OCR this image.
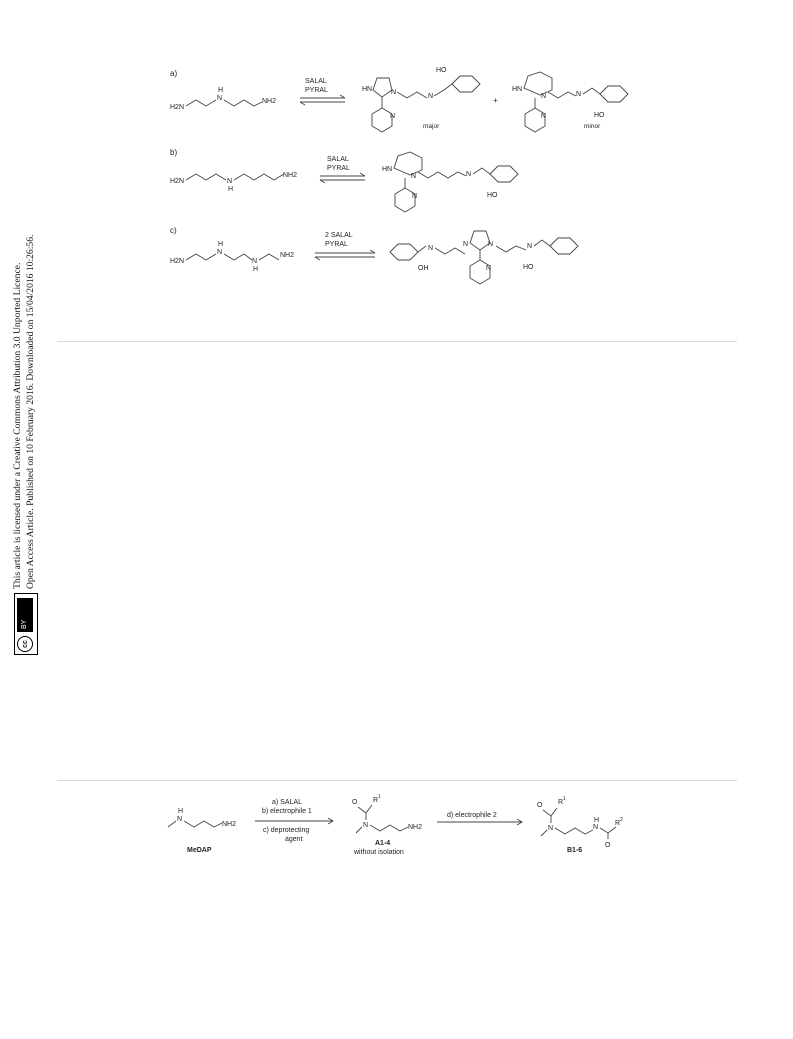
cc
BY
Open Access Article. Published on 10 February 2016. Downloaded on 15/04/2016 10:26:56.
This article is licensed under a Creative Commons Attribution 3.0 Unported Licence.
a)
H2N
H
N	NH2
SALAL
PYRAL	HN	N
N
HO
N
major
+
HN
N	N
HO
N
minor
b)
H2N	N
H
NH2
SALAL
PYRAL	HN
N	N
HO
N
c)
H2N
H
N
N
H
NH2
2 SALAL
PYRAL
OH
N
N	N	N
HO
N
H
N
NH2
MeDAP
a) SALAL
b) electrophile 1
c) deprotecting
agent
O R 1
N	NH2
A1-4
without isolation
d) electrophile 2
O R 1
N
H
N
R 2
O
B1-6
